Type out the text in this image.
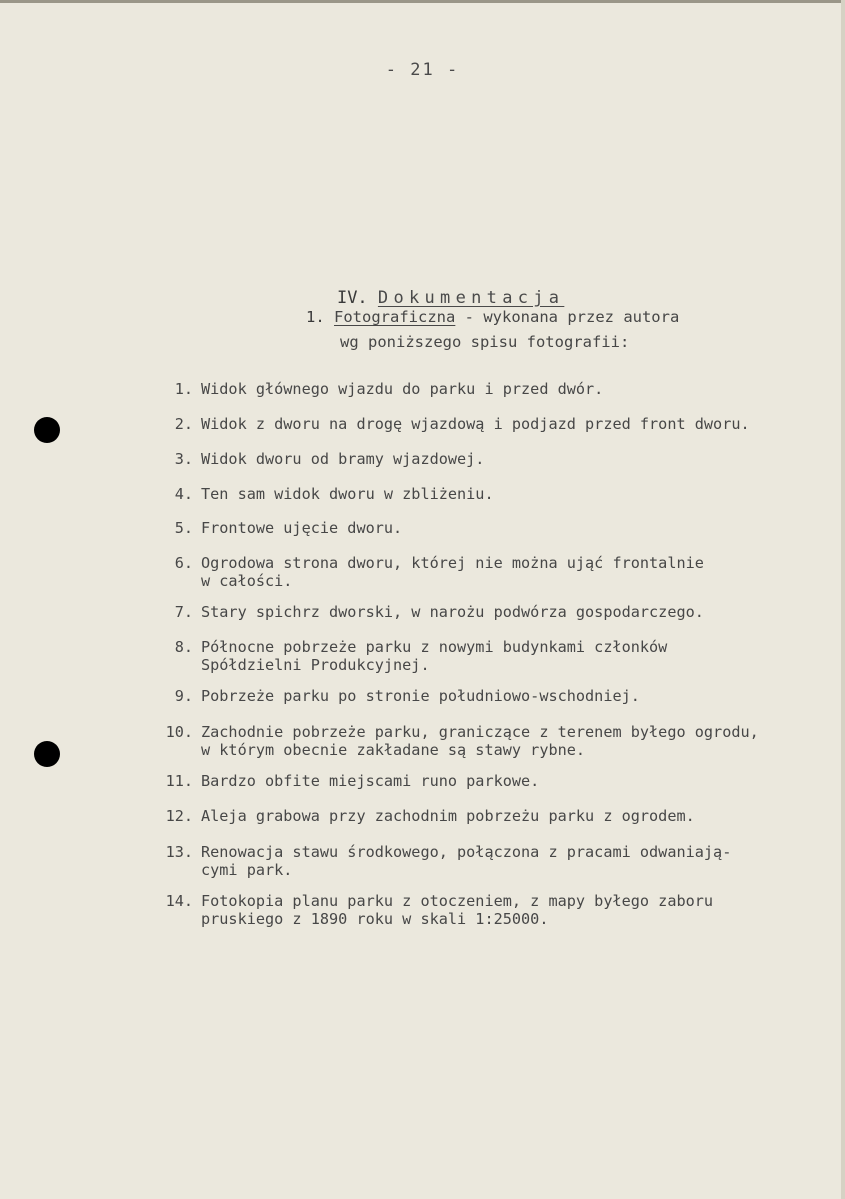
- 21 -

IV. Dokumentacja

1. Fotograficzna - wykonana przez autora
wg poniższego spisu fotografii:
1. Widok głównego wjazdu do parku i przed dwór.
2. Widok z dworu na drogę wjazdową i podjazd przed front dworu.
3. Widok dworu od bramy wjazdowej.
4. Ten sam widok dworu w zbliżeniu.
5. Frontowe ujęcie dworu.
6. Ogrodowa strona dworu, której nie można ująć frontalnie
w całości.
7. Stary spichrz dworski, w narożu podwórza gospodarczego.
8. Północne pobrzeże parku z nowymi budynkami członków
Spółdzielni Produkcyjnej.
9. Pobrzeże parku po stronie południowo-wschodniej.
10. Zachodnie pobrzeże parku, graniczące z terenem byłego ogrodu,
w którym obecnie zakładane są stawy rybne.
11. Bardzo obfite miejscami runo parkowe.
12. Aleja grabowa przy zachodnim pobrzeżu parku z ogrodem.
13. Renowacja stawu środkowego, połączona z pracami odwaniają-
cymi park.
14. Fotokopia planu parku z otoczeniem, z mapy byłego zaboru
pruskiego z 1890 roku w skali 1:25000.
